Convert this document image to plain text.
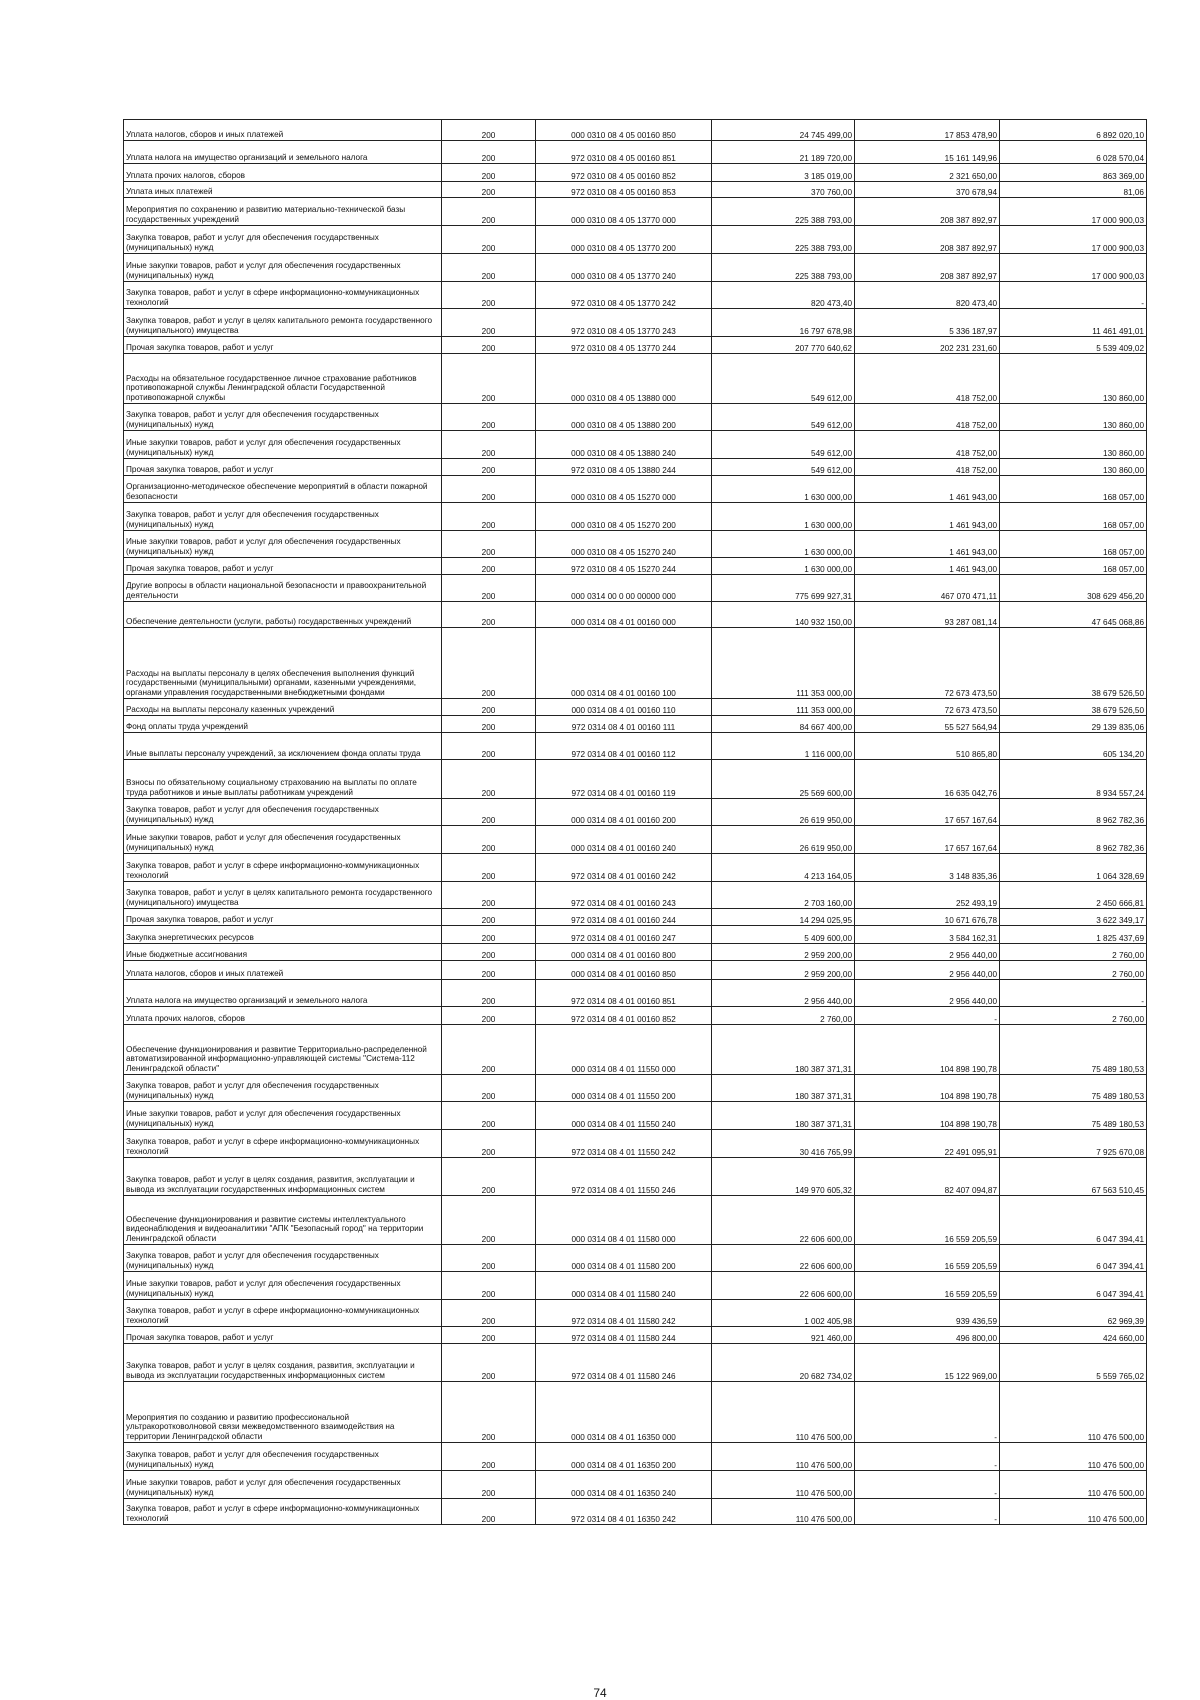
Уплата налогов, сборов и иных платежей	200	000 0310 08 4 05 00160 850	24 745 499,00	17 853 478,90	6 892 020,10
Уплата налога на имущество организаций и земельного налога	200	972 0310 08 4 05 00160 851	21 189 720,00	15 161 149,96	6 028 570,04
Уплата прочих налогов, сборов	200	972 0310 08 4 05 00160 852	3 185 019,00	2 321 650,00	863 369,00
Уплата иных платежей	200	972 0310 08 4 05 00160 853	370 760,00	370 678,94	81,06
Мероприятия по сохранению и развитию материально-технической базы государственных учреждений	200	000 0310 08 4 05 13770 000	225 388 793,00	208 387 892,97	17 000 900,03
Закупка товаров, работ и услуг для обеспечения государственных (муниципальных) нужд	200	000 0310 08 4 05 13770 200	225 388 793,00	208 387 892,97	17 000 900,03
Иные закупки товаров, работ и услуг для обеспечения государственных (муниципальных) нужд	200	000 0310 08 4 05 13770 240	225 388 793,00	208 387 892,97	17 000 900,03
Закупка товаров, работ и услуг в сфере информационно-коммуникационных технологий	200	972 0310 08 4 05 13770 242	820 473,40	820 473,40	-
Закупка товаров, работ и услуг в целях капитального ремонта государственного (муниципального) имущества	200	972 0310 08 4 05 13770 243	16 797 678,98	5 336 187,97	11 461 491,01
Прочая закупка товаров, работ и услуг	200	972 0310 08 4 05 13770 244	207 770 640,62	202 231 231,60	5 539 409,02
Расходы на обязательное государственное личное страхование работников противопожарной службы Ленинградской области Государственной противопожарной службы	200	000 0310 08 4 05 13880 000	549 612,00	418 752,00	130 860,00
Закупка товаров, работ и услуг для обеспечения государственных (муниципальных) нужд	200	000 0310 08 4 05 13880 200	549 612,00	418 752,00	130 860,00
Иные закупки товаров, работ и услуг для обеспечения государственных (муниципальных) нужд	200	000 0310 08 4 05 13880 240	549 612,00	418 752,00	130 860,00
Прочая закупка товаров, работ и услуг	200	972 0310 08 4 05 13880 244	549 612,00	418 752,00	130 860,00
Организационно-методическое обеспечение мероприятий в области пожарной безопасности	200	000 0310 08 4 05 15270 000	1 630 000,00	1 461 943,00	168 057,00
Закупка товаров, работ и услуг для обеспечения государственных (муниципальных) нужд	200	000 0310 08 4 05 15270 200	1 630 000,00	1 461 943,00	168 057,00
Иные закупки товаров, работ и услуг для обеспечения государственных (муниципальных) нужд	200	000 0310 08 4 05 15270 240	1 630 000,00	1 461 943,00	168 057,00
Прочая закупка товаров, работ и услуг	200	972 0310 08 4 05 15270 244	1 630 000,00	1 461 943,00	168 057,00
Другие вопросы в области национальной безопасности и правоохранительной деятельности	200	000 0314 00 0 00 00000 000	775 699 927,31	467 070 471,11	308 629 456,20
Обеспечение деятельности (услуги, работы) государственных учреждений	200	000 0314 08 4 01 00160 000	140 932 150,00	93 287 081,14	47 645 068,86
Расходы на выплаты персоналу в целях обеспечения выполнения функций государственными (муниципальными) органами, казенными учреждениями, органами управления государственными внебюджетными фондами	200	000 0314 08 4 01 00160 100	111 353 000,00	72 673 473,50	38 679 526,50
Расходы на выплаты персоналу казенных учреждений	200	000 0314 08 4 01 00160 110	111 353 000,00	72 673 473,50	38 679 526,50
Фонд оплаты труда учреждений	200	972 0314 08 4 01 00160 111	84 667 400,00	55 527 564,94	29 139 835,06
Иные выплаты персоналу учреждений, за исключением фонда оплаты труда	200	972 0314 08 4 01 00160 112	1 116 000,00	510 865,80	605 134,20
Взносы по обязательному социальному страхованию на выплаты по оплате труда работников и иные выплаты работникам учреждений	200	972 0314 08 4 01 00160 119	25 569 600,00	16 635 042,76	8 934 557,24
Закупка товаров, работ и услуг для обеспечения государственных (муниципальных) нужд	200	000 0314 08 4 01 00160 200	26 619 950,00	17 657 167,64	8 962 782,36
Иные закупки товаров, работ и услуг для обеспечения государственных (муниципальных) нужд	200	000 0314 08 4 01 00160 240	26 619 950,00	17 657 167,64	8 962 782,36
Закупка товаров, работ и услуг в сфере информационно-коммуникационных технологий	200	972 0314 08 4 01 00160 242	4 213 164,05	3 148 835,36	1 064 328,69
Закупка товаров, работ и услуг в целях капитального ремонта государственного (муниципального) имущества	200	972 0314 08 4 01 00160 243	2 703 160,00	252 493,19	2 450 666,81
Прочая закупка товаров, работ и услуг	200	972 0314 08 4 01 00160 244	14 294 025,95	10 671 676,78	3 622 349,17
Закупка энергетических ресурсов	200	972 0314 08 4 01 00160 247	5 409 600,00	3 584 162,31	1 825 437,69
Иные бюджетные ассигнования	200	000 0314 08 4 01 00160 800	2 959 200,00	2 956 440,00	2 760,00
Уплата налогов, сборов и иных платежей	200	000 0314 08 4 01 00160 850	2 959 200,00	2 956 440,00	2 760,00
Уплата налога на имущество организаций и земельного налога	200	972 0314 08 4 01 00160 851	2 956 440,00	2 956 440,00	-
Уплата прочих налогов, сборов	200	972 0314 08 4 01 00160 852	2 760,00	-	2 760,00
Обеспечение функционирования и развитие Территориально-распределенной автоматизированной информационно-управляющей системы "Система-112 Ленинградской области"	200	000 0314 08 4 01 11550 000	180 387 371,31	104 898 190,78	75 489 180,53
Закупка товаров, работ и услуг для обеспечения государственных (муниципальных) нужд	200	000 0314 08 4 01 11550 200	180 387 371,31	104 898 190,78	75 489 180,53
Иные закупки товаров, работ и услуг для обеспечения государственных (муниципальных) нужд	200	000 0314 08 4 01 11550 240	180 387 371,31	104 898 190,78	75 489 180,53
Закупка товаров, работ и услуг в сфере информационно-коммуникационных технологий	200	972 0314 08 4 01 11550 242	30 416 765,99	22 491 095,91	7 925 670,08
Закупка товаров, работ и услуг в целях создания, развития, эксплуатации и вывода из эксплуатации государственных информационных систем	200	972 0314 08 4 01 11550 246	149 970 605,32	82 407 094,87	67 563 510,45
Обеспечение функционирования и развитие системы интеллектуального видеонаблюдения и видеоаналитики "АПК "Безопасный город" на территории Ленинградской области	200	000 0314 08 4 01 11580 000	22 606 600,00	16 559 205,59	6 047 394,41
Закупка товаров, работ и услуг для обеспечения государственных (муниципальных) нужд	200	000 0314 08 4 01 11580 200	22 606 600,00	16 559 205,59	6 047 394,41
Иные закупки товаров, работ и услуг для обеспечения государственных (муниципальных) нужд	200	000 0314 08 4 01 11580 240	22 606 600,00	16 559 205,59	6 047 394,41
Закупка товаров, работ и услуг в сфере информационно-коммуникационных технологий	200	972 0314 08 4 01 11580 242	1 002 405,98	939 436,59	62 969,39
Прочая закупка товаров, работ и услуг	200	972 0314 08 4 01 11580 244	921 460,00	496 800,00	424 660,00
Закупка товаров, работ и услуг в целях создания, развития, эксплуатации и вывода из эксплуатации государственных информационных систем	200	972 0314 08 4 01 11580 246	20 682 734,02	15 122 969,00	5 559 765,02
Мероприятия по созданию и развитию профессиональной ультракоротковолновой связи межведомственного взаимодействия на территории Ленинградской области	200	000 0314 08 4 01 16350 000	110 476 500,00	-	110 476 500,00
Закупка товаров, работ и услуг для обеспечения государственных (муниципальных) нужд	200	000 0314 08 4 01 16350 200	110 476 500,00	-	110 476 500,00
Иные закупки товаров, работ и услуг для обеспечения государственных (муниципальных) нужд	200	000 0314 08 4 01 16350 240	110 476 500,00	-	110 476 500,00
Закупка товаров, работ и услуг в сфере информационно-коммуникационных технологий	200	972 0314 08 4 01 16350 242	110 476 500,00	-	110 476 500,00
74
